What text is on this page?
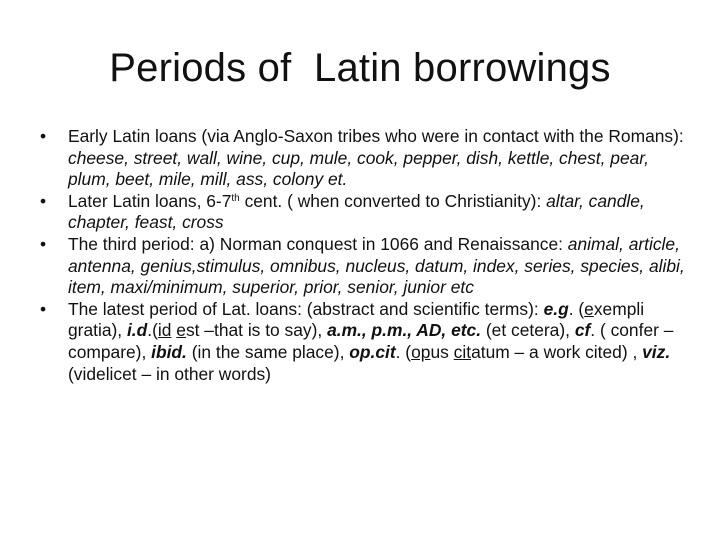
Periods of  Latin borrowings

• Early Latin loans (via Anglo-Saxon tribes who were in contact with the Romans): cheese, street, wall, wine, cup, mule, cook, pepper, dish, kettle, chest, pear, plum, beet, mile, mill, ass, colony et.

• Later Latin loans, 6-7th cent. ( when converted to Christianity): altar, candle, chapter, feast, cross

• The third period: a) Norman conquest in 1066 and Renaissance: animal, article, antenna, genius,stimulus, omnibus, nucleus, datum, index, series, species, alibi, item, maxi/minimum, superior, prior, senior, junior etc

• The latest period of Lat. loans: (abstract and scientific terms): e.g. (exempli gratia), i.d.(id est –that is to say), a.m., p.m., AD, etc. (et cetera), cf. ( confer – compare), ibid. (in the same place), op.cit. (opus citatum – a work cited) , viz. (videlicet – in other words)
